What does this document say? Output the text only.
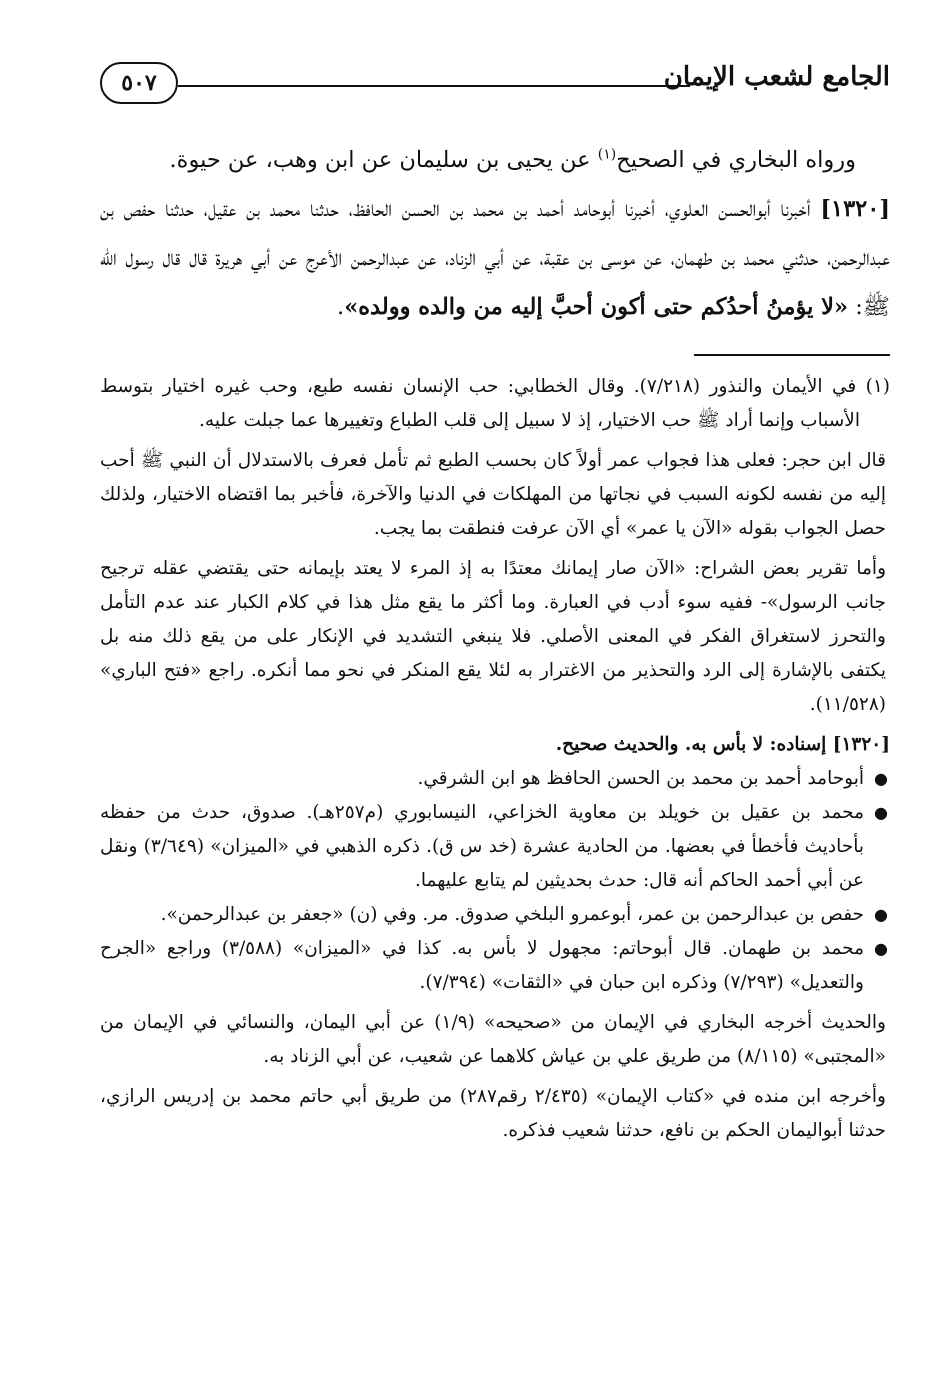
الجامع لشعب الإيمان
٥٠٧

ورواه البخاري في الصحيح$^{(١)}$ عن يحيى بن سليمان عن ابن وهب، عن حيوة.

[١٣٢٠] أخبرنا أبوالحسن العلوي، أخبرنا أبوحامد أحمد بن محمد بن الحسن الحافظ، حدثنا محمد بن عقيل، حدثنا حفص بن عبدالرحمن، حدثني محمد بن طهمان، عن موسى بن عقبة، عن أبي الزناد، عن عبدالرحمن الأعرج عن أبي هريرة قال قال رسول الله ﷺ: «لا يؤمنُ أحدُكم حتى أكون أحبَّ إليه من والده وولده».

(١) في الأيمان والنذور (٧/٢١٨). وقال الخطابي: حب الإنسان نفسه طبع، وحب غيره اختيار بتوسط الأسباب وإنما أراد ﷺ حب الاختيار، إذ لا سبيل إلى قلب الطباع وتغييرها عما جبلت عليه.

قال ابن حجر: فعلى هذا فجواب عمر أولاً كان بحسب الطبع ثم تأمل فعرف بالاستدلال أن النبي ﷺ أحب إليه من نفسه لكونه السبب في نجاتها من المهلكات في الدنيا والآخرة، فأخبر بما اقتضاه الاختيار، ولذلك حصل الجواب بقوله «الآن يا عمر» أي الآن عرفت فنطقت بما يجب.

وأما تقرير بعض الشراح: «الآن صار إيمانك معتدًا به إذ المرء لا يعتد بإيمانه حتى يقتضي عقله ترجيح جانب الرسول»- ففيه سوء أدب في العبارة. وما أكثر ما يقع مثل هذا في كلام الكبار عند عدم التأمل والتحرز لاستغراق الفكر في المعنى الأصلي. فلا ينبغي التشديد في الإنكار على من يقع ذلك منه بل يكتفى بالإشارة إلى الرد والتحذير من الاغترار به لئلا يقع المنكر في نحو مما أنكره. راجع «فتح الباري» (١١/٥٢٨).

[١٣٢٠] إسناده: لا بأس به. والحديث صحيح.

●
أبوحامد أحمد بن محمد بن الحسن الحافظ هو ابن الشرقي.
●
محمد بن عقيل بن خويلد بن معاوية الخزاعي، النيسابوري (م٢٥٧هـ). صدوق، حدث من حفظه بأحاديث فأخطأ في بعضها. من الحادية عشرة (خد س ق). ذكره الذهبي في «الميزان» (٣/٦٤٩) ونقل عن أبي أحمد الحاكم أنه قال: حدث بحديثين لم يتابع عليهما.
●
حفص بن عبدالرحمن بن عمر، أبوعمرو البلخي صدوق. مر. وفي (ن) «جعفر بن عبدالرحمن».
●
محمد بن طهمان. قال أبوحاتم: مجهول لا بأس به. كذا في «الميزان» (٣/٥٨٨) وراجع «الجرح والتعديل» (٧/٢٩٣) وذكره ابن حبان في «الثقات» (٧/٣٩٤).

والحديث أخرجه البخاري في الإيمان من «صحيحه» (١/٩) عن أبي اليمان، والنسائي في الإيمان من «المجتبى» (٨/١١٥) من طريق علي بن عياش كلاهما عن شعيب، عن أبي الزناد به.

وأخرجه ابن منده في «كتاب الإيمان» (٢/٤٣٥ رقم٢٨٧) من طريق أبي حاتم محمد بن إدريس الرازي، حدثنا أبواليمان الحكم بن نافع، حدثنا شعيب فذكره.
